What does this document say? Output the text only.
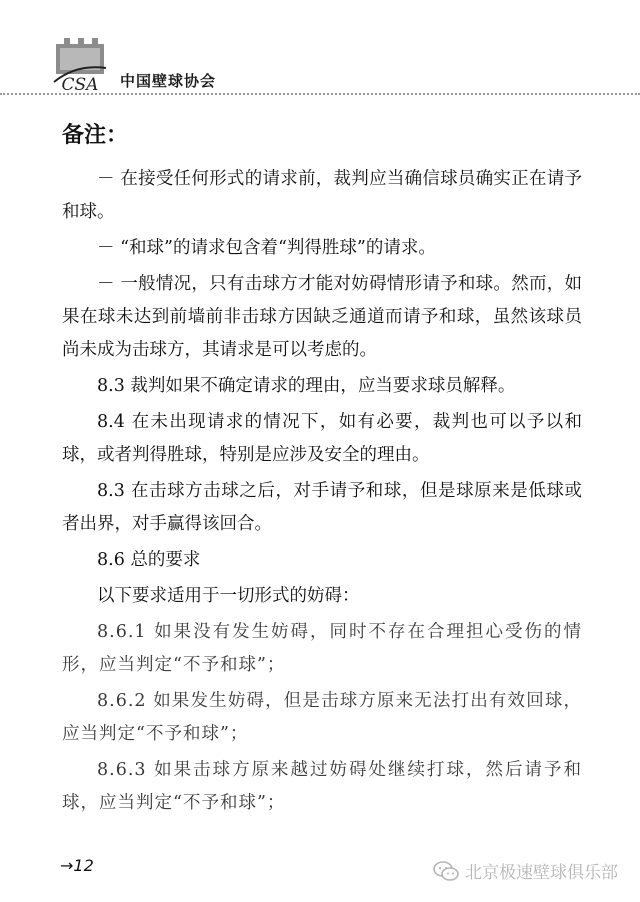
CSA 中国壁球协会
备注：

－ 在接受任何形式的请求前，裁判应当确信球员确实正在请予和球。

－ “和球”的请求包含着“判得胜球”的请求。

－ 一般情况，只有击球方才能对妨碍情形请予和球。然而，如果在球未达到前墙前非击球方因缺乏通道而请予和球，虽然该球员尚未成为击球方，其请求是可以考虑的。

8.3 裁判如果不确定请求的理由，应当要求球员解释。

8.4 在未出现请求的情况下，如有必要，裁判也可以予以和球，或者判得胜球，特别是应涉及安全的理由。

8.3 在击球方击球之后，对手请予和球，但是球原来是低球或者出界，对手赢得该回合。

8.6 总的要求

以下要求适用于一切形式的妨碍：

8.6.1 如果没有发生妨碍，同时不存在合理担心受伤的情形，应当判定“不予和球”；

8.6.2 如果发生妨碍，但是击球方原来无法打出有效回球，应当判定“不予和球”；

8.6.3 如果击球方原来越过妨碍处继续打球，然后请予和球，应当判定“不予和球”；

→12	北京极速壁球俱乐部
